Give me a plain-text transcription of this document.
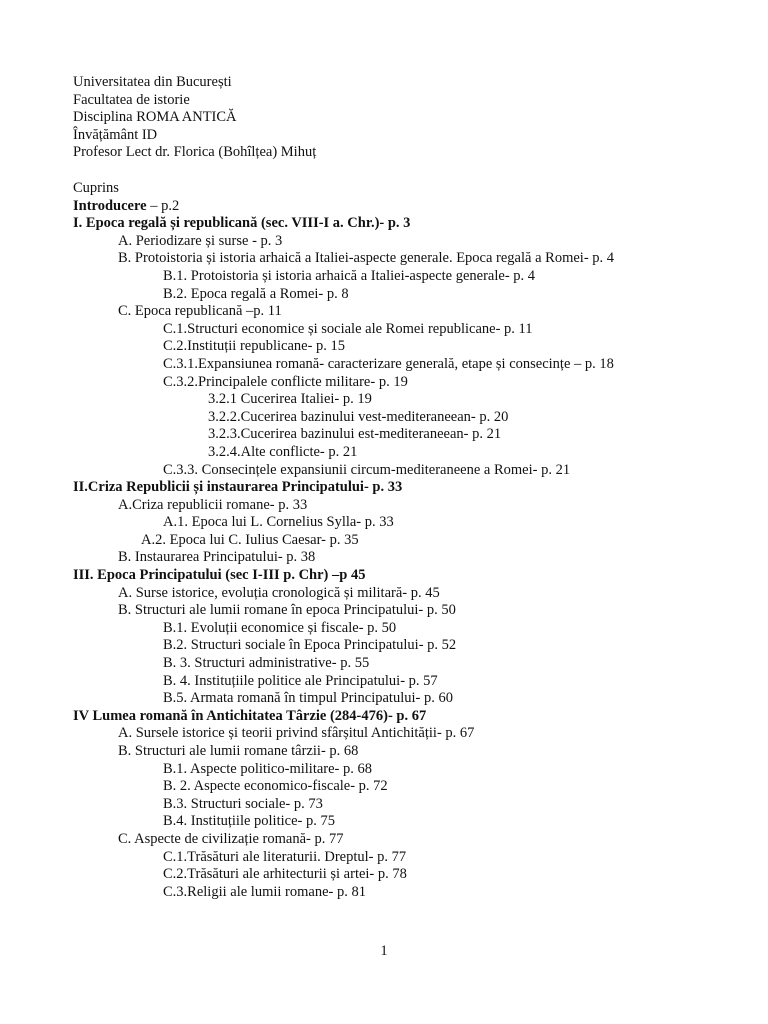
Universitatea din București
Facultatea de istorie
Disciplina ROMA ANTICĂ
Învățământ ID
Profesor Lect dr. Florica (Bohîlțea) Mihuț
Cuprins
Introducere – p.2
I. Epoca regală și republicană (sec. VIII-I a. Chr.)- p. 3
A. Periodizare și surse - p. 3
B. Protoistoria și istoria arhaică a Italiei-aspecte generale. Epoca regală a Romei- p. 4
B.1. Protoistoria și istoria arhaică a Italiei-aspecte generale- p. 4
B.2. Epoca regală a Romei- p. 8
C. Epoca republicană –p. 11
C.1.Structuri economice și sociale ale Romei republicane- p. 11
C.2.Instituții republicane- p. 15
C.3.1.Expansiunea romană- caracterizare generală, etape și consecințe – p. 18
C.3.2.Principalele conflicte militare- p. 19
3.2.1 Cucerirea Italiei- p. 19
3.2.2.Cucerirea bazinului vest-mediteraneean- p. 20
3.2.3.Cucerirea bazinului est-mediteraneean- p. 21
3.2.4.Alte conflicte- p. 21
C.3.3. Consecințele expansiunii circum-mediteraneene a Romei- p. 21
II.Criza Republicii și instaurarea Principatului- p. 33
A.Criza republicii romane- p. 33
A.1. Epoca lui L. Cornelius Sylla- p. 33
A.2. Epoca lui C. Iulius Caesar- p. 35
B. Instaurarea Principatului- p. 38
III. Epoca Principatului (sec I-III p. Chr) –p 45
A. Surse istorice, evoluția cronologică și militară- p. 45
B. Structuri ale lumii romane în epoca Principatului- p. 50
B.1. Evoluții economice și fiscale- p. 50
B.2. Structuri sociale în Epoca Principatului- p. 52
B. 3. Structuri administrative- p. 55
B. 4. Instituțiile politice ale Principatului- p. 57
B.5. Armata romană în timpul Principatului- p. 60
IV Lumea romană în Antichitatea Târzie (284-476)- p. 67
A. Sursele istorice și teorii privind sfârșitul Antichității- p. 67
B. Structuri ale lumii romane târzii- p. 68
B.1. Aspecte politico-militare- p. 68
B. 2. Aspecte economico-fiscale- p. 72
B.3. Structuri sociale- p. 73
B.4. Instituțiile politice- p. 75
C. Aspecte de civilizație romană- p. 77
C.1.Trăsături ale literaturii. Dreptul- p. 77
C.2.Trăsături ale arhitecturii și artei- p. 78
C.3.Religii ale lumii romane- p. 81
1
